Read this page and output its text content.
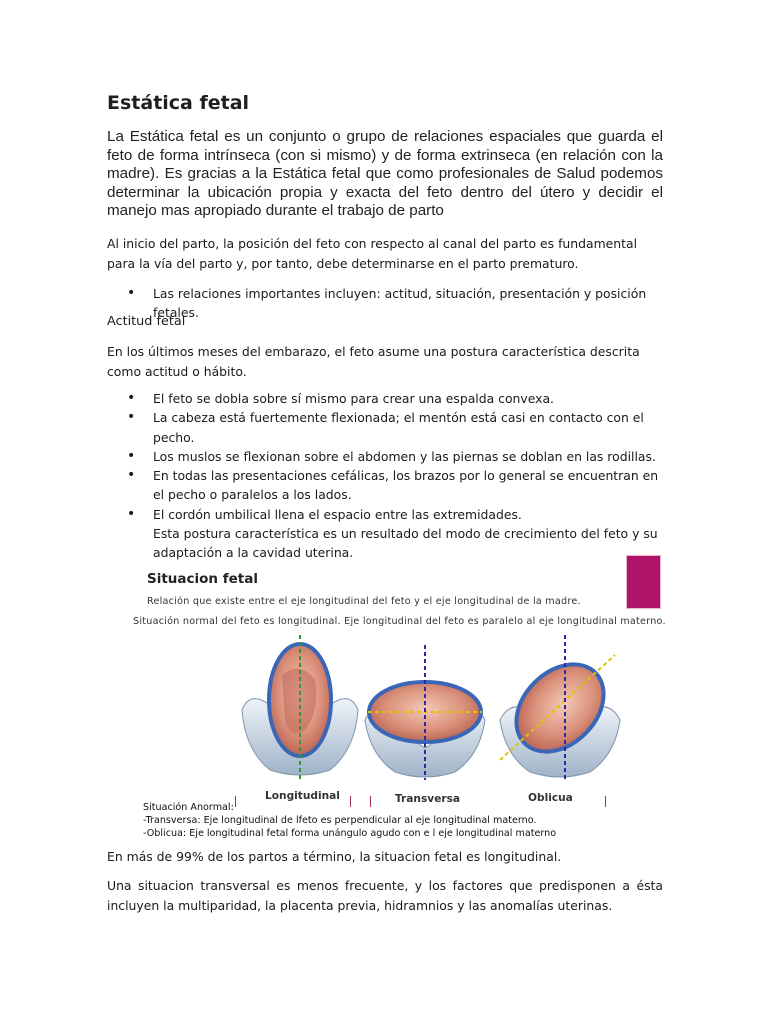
Estática fetal

La Estática fetal es un conjunto o grupo de relaciones espaciales que guarda el feto de forma intrínseca (con si mismo) y de forma extrinseca (en relación con la madre). Es gracias a la Estática fetal que como profesionales de Salud podemos determinar la ubicación propia y exacta del feto dentro del útero y decidir el manejo mas apropiado durante el trabajo de parto

Al inicio del parto, la posición del feto con respecto al canal del parto es fundamental para la vía del parto y, por tanto, debe determinarse en el parto prematuro.

• Las relaciones importantes incluyen: actitud, situación, presentación y posición fetales.
Actitud fetal

En los últimos meses del embarazo, el feto asume una postura característica descrita como actitud o hábito.

• El feto se dobla sobre sí mismo para crear una espalda convexa.
• La cabeza está fuertemente flexionada; el mentón está casi en contacto con el pecho.
• Los muslos se flexionan sobre el abdomen y las piernas se doblan en las rodillas.
• En todas las presentaciones cefálicas, los brazos por lo general se encuentran en el pecho o paralelos a los lados.
• El cordón umbilical llena el espacio entre las extremidades.
Esta postura característica es un resultado del modo de crecimiento del feto y su adaptación a la cavidad uterina.
Situacion fetal
Relación que existe entre el eje longitudinal del feto y el eje longitudinal de la madre.
Situación normal del feto es longitudinal. Eje longitudinal del feto es paralelo al eje longitudinal materno.
Longitudinal	Transversa	Oblicua
Situación Anormal:
-Transversa: Eje longitudinal de lfeto es perpendicular al eje longitudinal materno.
-Oblicua: Eje longitudinal fetal forma unángulo agudo con e l eje longitudinal materno

En más de 99% de los partos a término, la situacion fetal es longitudinal.

Una situacion transversal es menos frecuente, y los factores que predisponen a ésta incluyen la multiparidad, la placenta previa, hidramnios y las anomalías uterinas.
